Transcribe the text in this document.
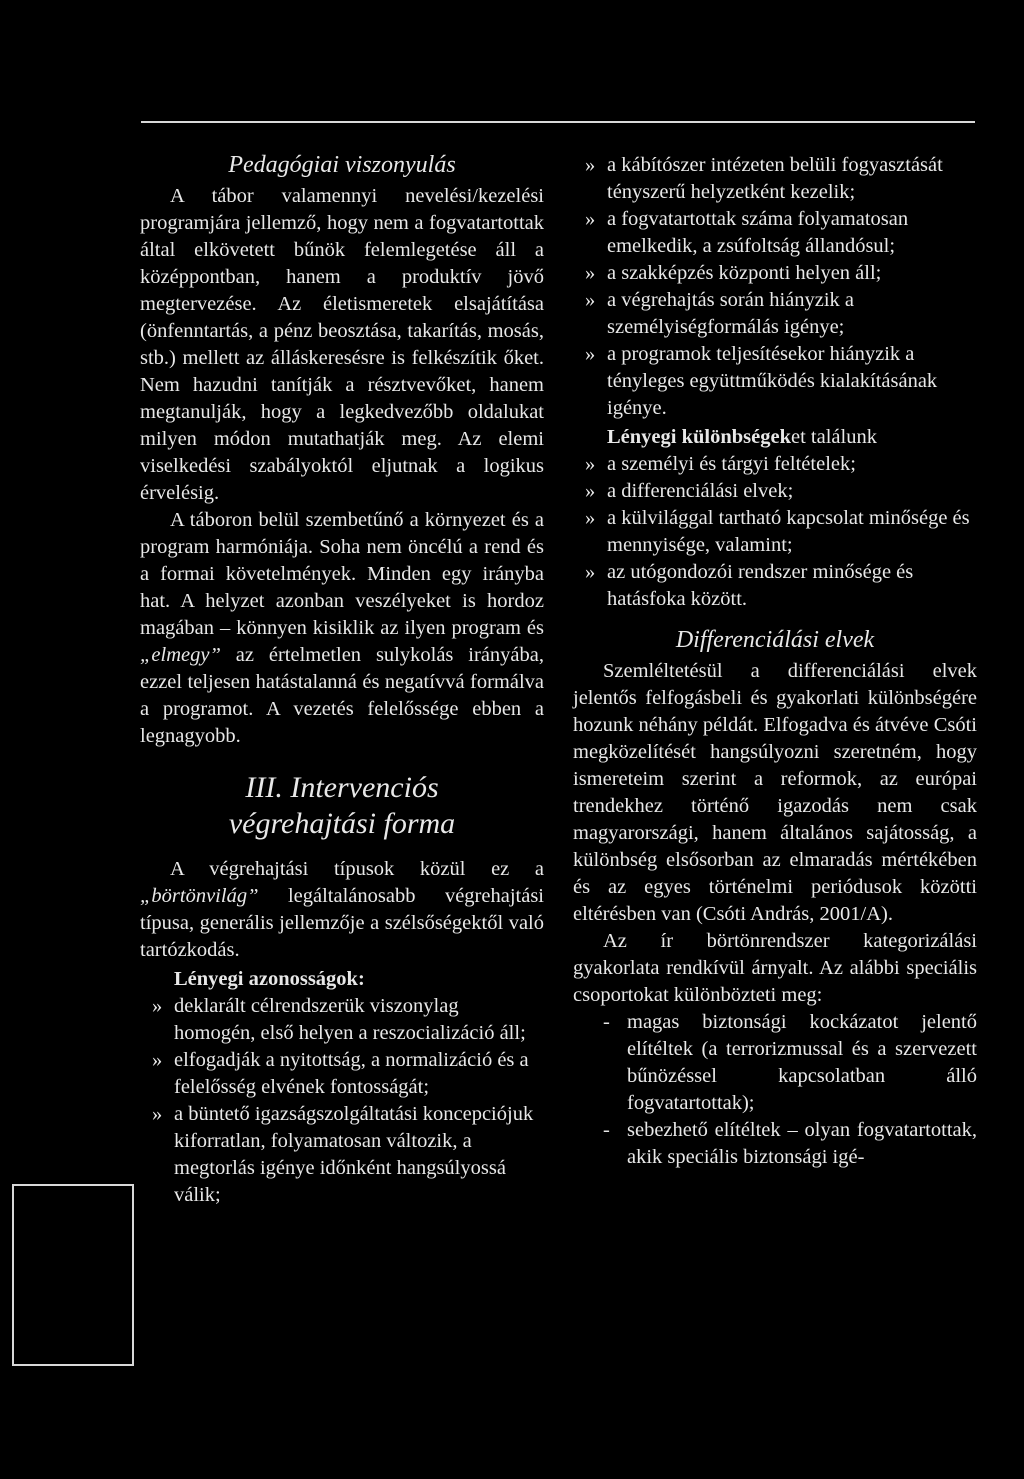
Pedagógiai viszonyulás

A tábor valamennyi nevelési/kezelési programjára jellemző, hogy nem a fogvatartottak által elkövetett bűnök felemlegetése áll a középpontban, hanem a produktív jövő megtervezése. Az életismeretek elsajátítása (önfenntartás, a pénz beosztása, takarítás, mosás, stb.) mellett az álláskeresésre is felkészítik őket. Nem hazudni tanítják a résztvevőket, hanem megtanulják, hogy a legkedvezőbb oldalukat milyen módon mutathatják meg. Az elemi viselkedési szabályoktól eljutnak a logikus érvelésig.

A táboron belül szembetűnő a környezet és a program harmóniája. Soha nem öncélú a rend és a formai követelmények. Minden egy irányba hat. A helyzet azonban veszélyeket is hordoz magában – könnyen kisiklik az ilyen program és „elmegy” az értelmetlen sulykolás irányába, ezzel teljesen hatástalanná és negatívvá formálva a programot. A vezetés felelőssége ebben a legnagyobb.

III. Intervenciós
végrehajtási forma

A végrehajtási típusok közül ez a „börtönvilág” legáltalánosabb végrehajtási típusa, generális jellemzője a szélsőségektől való tartózkodás.

Lényegi azonosságok:
» deklarált célrendszerük viszonylag homogén, első helyen a reszocializáció áll;
» elfogadják a nyitottság, a normalizáció és a felelősség elvének fontosságát;
» a büntető igazságszolgáltatási koncepciójuk kiforratlan, folyamatosan változik, a megtorlás igénye időnként hangsúlyossá válik;
» a kábítószer intézeten belüli fogyasztását tényszerű helyzetként kezelik;
» a fogvatartottak száma folyamatosan emelkedik, a zsúfoltság állandósul;
» a szakképzés központi helyen áll;
» a végrehajtás során hiányzik a személyiségformálás igénye;
» a programok teljesítésekor hiányzik a tényleges együttműködés kialakításának igénye.
Lényegi különbségeket találunk
» a személyi és tárgyi feltételek;
» a differenciálási elvek;
» a külvilággal tartható kapcsolat minősége és mennyisége, valamint;
» az utógondozói rendszer minősége és hatásfoka között.
Differenciálási elvek

Szemléltetésül a differenciálási elvek jelentős felfogásbeli és gyakorlati különbségére hozunk néhány példát. Elfogadva és átvéve Csóti megközelítését hangsúlyozni szeretném, hogy ismereteim szerint a reformok, az európai trendekhez történő igazodás nem csak magyarországi, hanem általános sajátosság, a különbség elsősorban az elmaradás mértékében és az egyes történelmi periódusok közötti eltérésben van (Csóti András, 2001/A).

Az ír börtönrendszer kategorizálási gyakorlata rendkívül árnyalt. Az alábbi speciális csoportokat különbözteti meg:

- magas biztonsági kockázatot jelentő elítéltek (a terrorizmussal és a szervezett bűnözéssel kapcsolatban álló fogvatartottak);
- sebezhető elítéltek – olyan fogvatartottak, akik speciális biztonsági igé-
